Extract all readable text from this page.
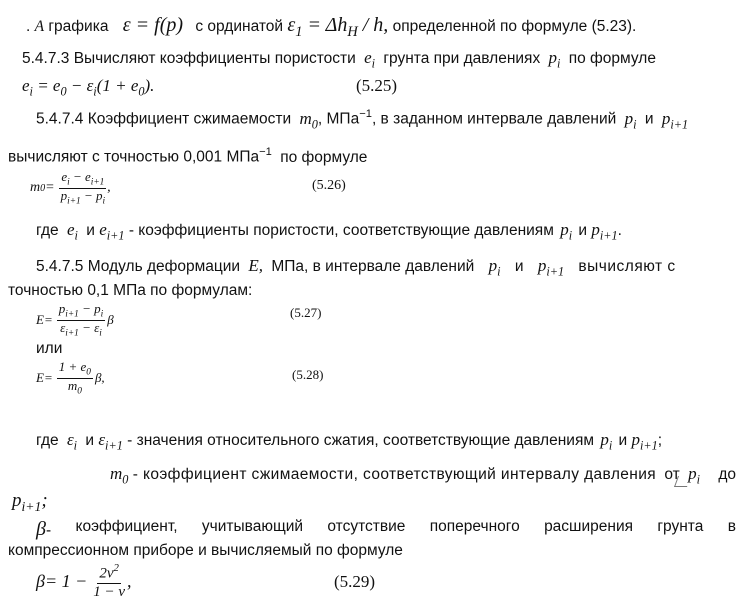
. А графика ε = f(p) с ординатой $\varepsilon_1 = \Delta h_H / h$, определенной по формуле (5.23).
5.4.7.3 Вычисляют коэффициенты пористости $e_i$ грунта при давлениях $p_i$ по формуле
$e_i = e_0 - \varepsilon_i(1 + e_0)$.	(5.25)
5.4.7.4 Коэффициент сжимаемости $m_0$, МПа$^{-1}$, в заданном интервале давлений $p_i$ и $p_{i+1}$
вычисляют с точностью 0,001 МПа$^{-1}$ по формуле
m $0 = \frac{e_i - e_{i+1}}{p_{i+1} - p_i}$ ,	(5.26)
где $e_i$ и $e_{i+1}$ - коэффициенты пористости, соответствующие давлениям $p_i$ и $p_{i+1}$.
5.4.7.5 Модуль деформации E, МПа, в интервале давлений $p_i$ и $p_{i+1}$ вычисляют с
точностью 0,1 МПа по формулам:
$E = \frac{p_{i+1} - p_i}{\varepsilon_{i+1} - \varepsilon_i}$ β	(5.27)
или
$E = \frac{1 + e_0}{m_0} \beta$,	(5.28)
где $\varepsilon_i$ и $\varepsilon_{i+1}$ - значения относительного сжатия, соответствующие давлениям $p_i$ и $p_{i+1}$;
$m_0$ - коэффициент сжимаемости, соответствующий интервалу давления от $p_i$ до
$p_{i+1}$;
β- коэффициент, учитывающий отсутствие поперечного расширения грунта в
компрессионном приборе и вычисляемый по формуле
$\beta = 1 - \frac{2\nu^2}{1 - \nu}$ ,	(5.29)
